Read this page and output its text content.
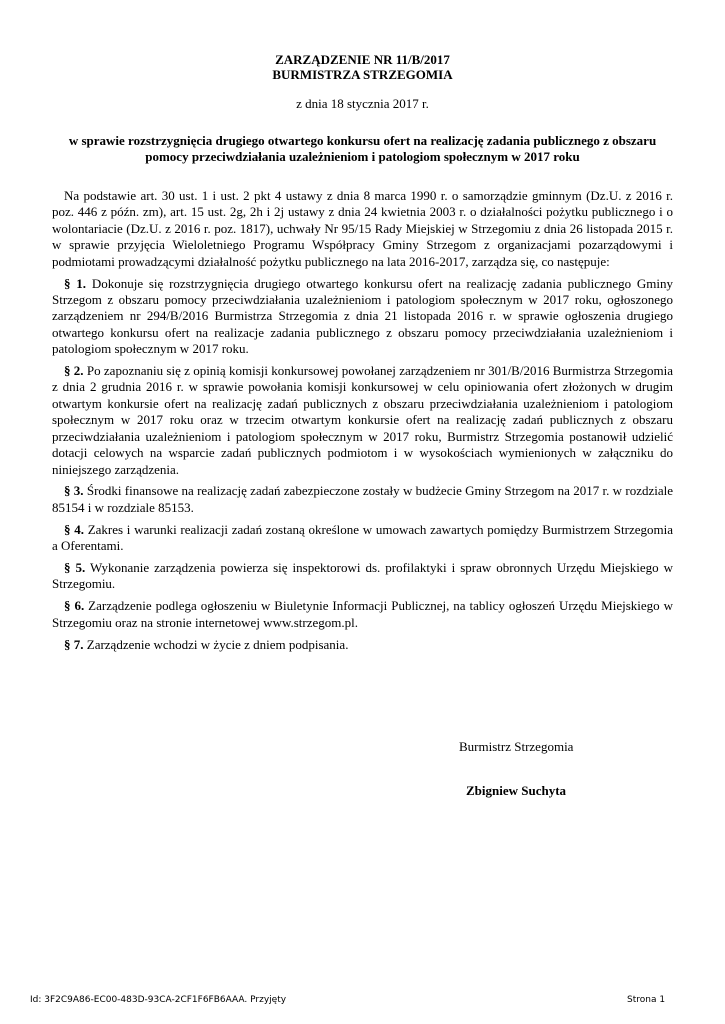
ZARZĄDZENIE NR 11/B/2017
BURMISTRZA STRZEGOMIA
z dnia 18 stycznia 2017 r.
w sprawie rozstrzygnięcia drugiego otwartego konkursu ofert na realizację zadania publicznego z obszaru pomocy przeciwdziałania uzależnieniom i patologiom społecznym w 2017 roku

Na podstawie art. 30 ust. 1 i ust. 2 pkt 4 ustawy z dnia 8 marca 1990 r. o samorządzie gminnym (Dz.U. z 2016 r. poz. 446 z późn. zm), art. 15 ust. 2g, 2h i 2j ustawy z dnia 24 kwietnia 2003 r. o działalności pożytku publicznego i o wolontariacie (Dz.U. z 2016 r. poz. 1817), uchwały Nr 95/15 Rady Miejskiej w Strzegomiu z dnia 26 listopada 2015 r. w sprawie przyjęcia Wieloletniego Programu Współpracy Gminy Strzegom z organizacjami pozarządowymi i podmiotami prowadzącymi działalność pożytku publicznego na lata 2016-2017, zarządza się, co następuje:

§ 1. Dokonuje się rozstrzygnięcia drugiego otwartego konkursu ofert na realizację zadania publicznego Gminy Strzegom z obszaru pomocy przeciwdziałania uzależnieniom i patologiom społecznym w 2017 roku, ogłoszonego zarządzeniem nr 294/B/2016 Burmistrza Strzegomia z dnia 21 listopada 2016 r. w sprawie ogłoszenia drugiego otwartego konkursu ofert na realizacje zadania publicznego z obszaru pomocy przeciwdziałania uzależnieniom i patologiom społecznym w 2017 roku.

§ 2. Po zapoznaniu się z opinią komisji konkursowej powołanej zarządzeniem nr 301/B/2016 Burmistrza Strzegomia z dnia 2 grudnia 2016 r. w sprawie powołania komisji konkursowej w celu opiniowania ofert złożonych w drugim otwartym konkursie ofert na realizację zadań publicznych z obszaru przeciwdziałania uzależnieniom i patologiom społecznym w 2017 roku oraz w trzecim otwartym konkursie ofert na realizację zadań publicznych z obszaru przeciwdziałania uzależnieniom i patologiom społecznym w 2017 roku, Burmistrz Strzegomia postanowił udzielić dotacji celowych na wsparcie zadań publicznych podmiotom i w wysokościach wymienionych w załączniku do niniejszego zarządzenia.

§ 3. Środki finansowe na realizację zadań zabezpieczone zostały w budżecie Gminy Strzegom na 2017 r. w rozdziale 85154 i w rozdziale 85153.

§ 4. Zakres i warunki realizacji zadań zostaną określone w umowach zawartych pomiędzy Burmistrzem Strzegomia a Oferentami.

§ 5. Wykonanie zarządzenia powierza się inspektorowi ds. profilaktyki i spraw obronnych Urzędu Miejskiego w Strzegomiu.

§ 6. Zarządzenie podlega ogłoszeniu w Biuletynie Informacji Publicznej, na tablicy ogłoszeń Urzędu Miejskiego w Strzegomiu oraz na stronie internetowej www.strzegom.pl.

§ 7. Zarządzenie wchodzi w życie z dniem podpisania.

Burmistrz Strzegomia
Zbigniew Suchyta
Id: 3F2C9A86-EC00-483D-93CA-2CF1F6FB6AAA. Przyjęty	Strona 1
